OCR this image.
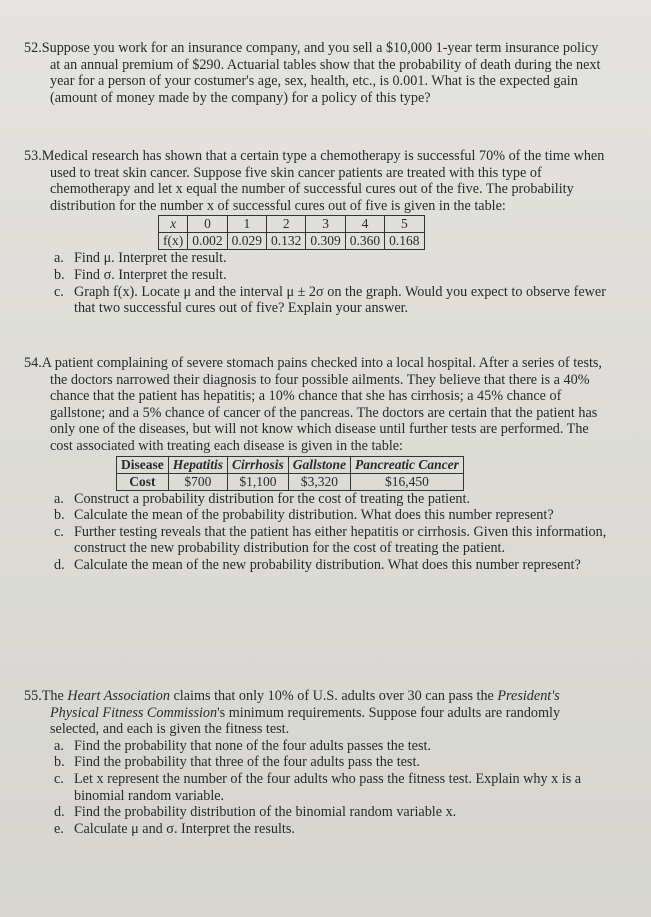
52.Suppose you work for an insurance company, and you sell a $10,000 1-year term insurance policy at an annual premium of $290. Actuarial tables show that the probability of death during the next year for a person of your costumer's age, sex, health, etc., is 0.001. What is the expected gain (amount of money made by the company) for a policy of this type?
53.Medical research has shown that a certain type a chemotherapy is successful 70% of the time when used to treat skin cancer. Suppose five skin cancer patients are treated with this type of chemotherapy and let x equal the number of successful cures out of the five. The probability distribution for the number x of successful cures out of five is given in the table:
x	0	1	2	3	4	5
f(x)	0.002	0.029	0.132	0.309	0.360	0.168
a. Find μ. Interpret the result.
b. Find σ. Interpret the result.
c. Graph f(x). Locate μ and the interval μ ± 2σ on the graph. Would you expect to observe fewer that two successful cures out of five? Explain your answer.
54.A patient complaining of severe stomach pains checked into a local hospital. After a series of tests, the doctors narrowed their diagnosis to four possible ailments. They believe that there is a 40% chance that the patient has hepatitis; a 10% chance that she has cirrhosis; a 45% chance of gallstone; and a 5% chance of cancer of the pancreas. The doctors are certain that the patient has only one of the diseases, but will not know which disease until further tests are performed. The cost associated with treating each disease is given in the table:
Disease	Hepatitis	Cirrhosis	Gallstone	Pancreatic Cancer
Cost	$700	$1,100	$3,320	$16,450
a. Construct a probability distribution for the cost of treating the patient.
b. Calculate the mean of the probability distribution. What does this number represent?
c. Further testing reveals that the patient has either hepatitis or cirrhosis. Given this information, construct the new probability distribution for the cost of treating the patient.
d. Calculate the mean of the new probability distribution. What does this number represent?
55.The Heart Association claims that only 10% of U.S. adults over 30 can pass the President's Physical Fitness Commission's minimum requirements. Suppose four adults are randomly selected, and each is given the fitness test.
a. Find the probability that none of the four adults passes the test.
b. Find the probability that three of the four adults pass the test.
c. Let x represent the number of the four adults who pass the fitness test. Explain why x is a binomial random variable.
d. Find the probability distribution of the binomial random variable x.
e. Calculate μ and σ. Interpret the results.
